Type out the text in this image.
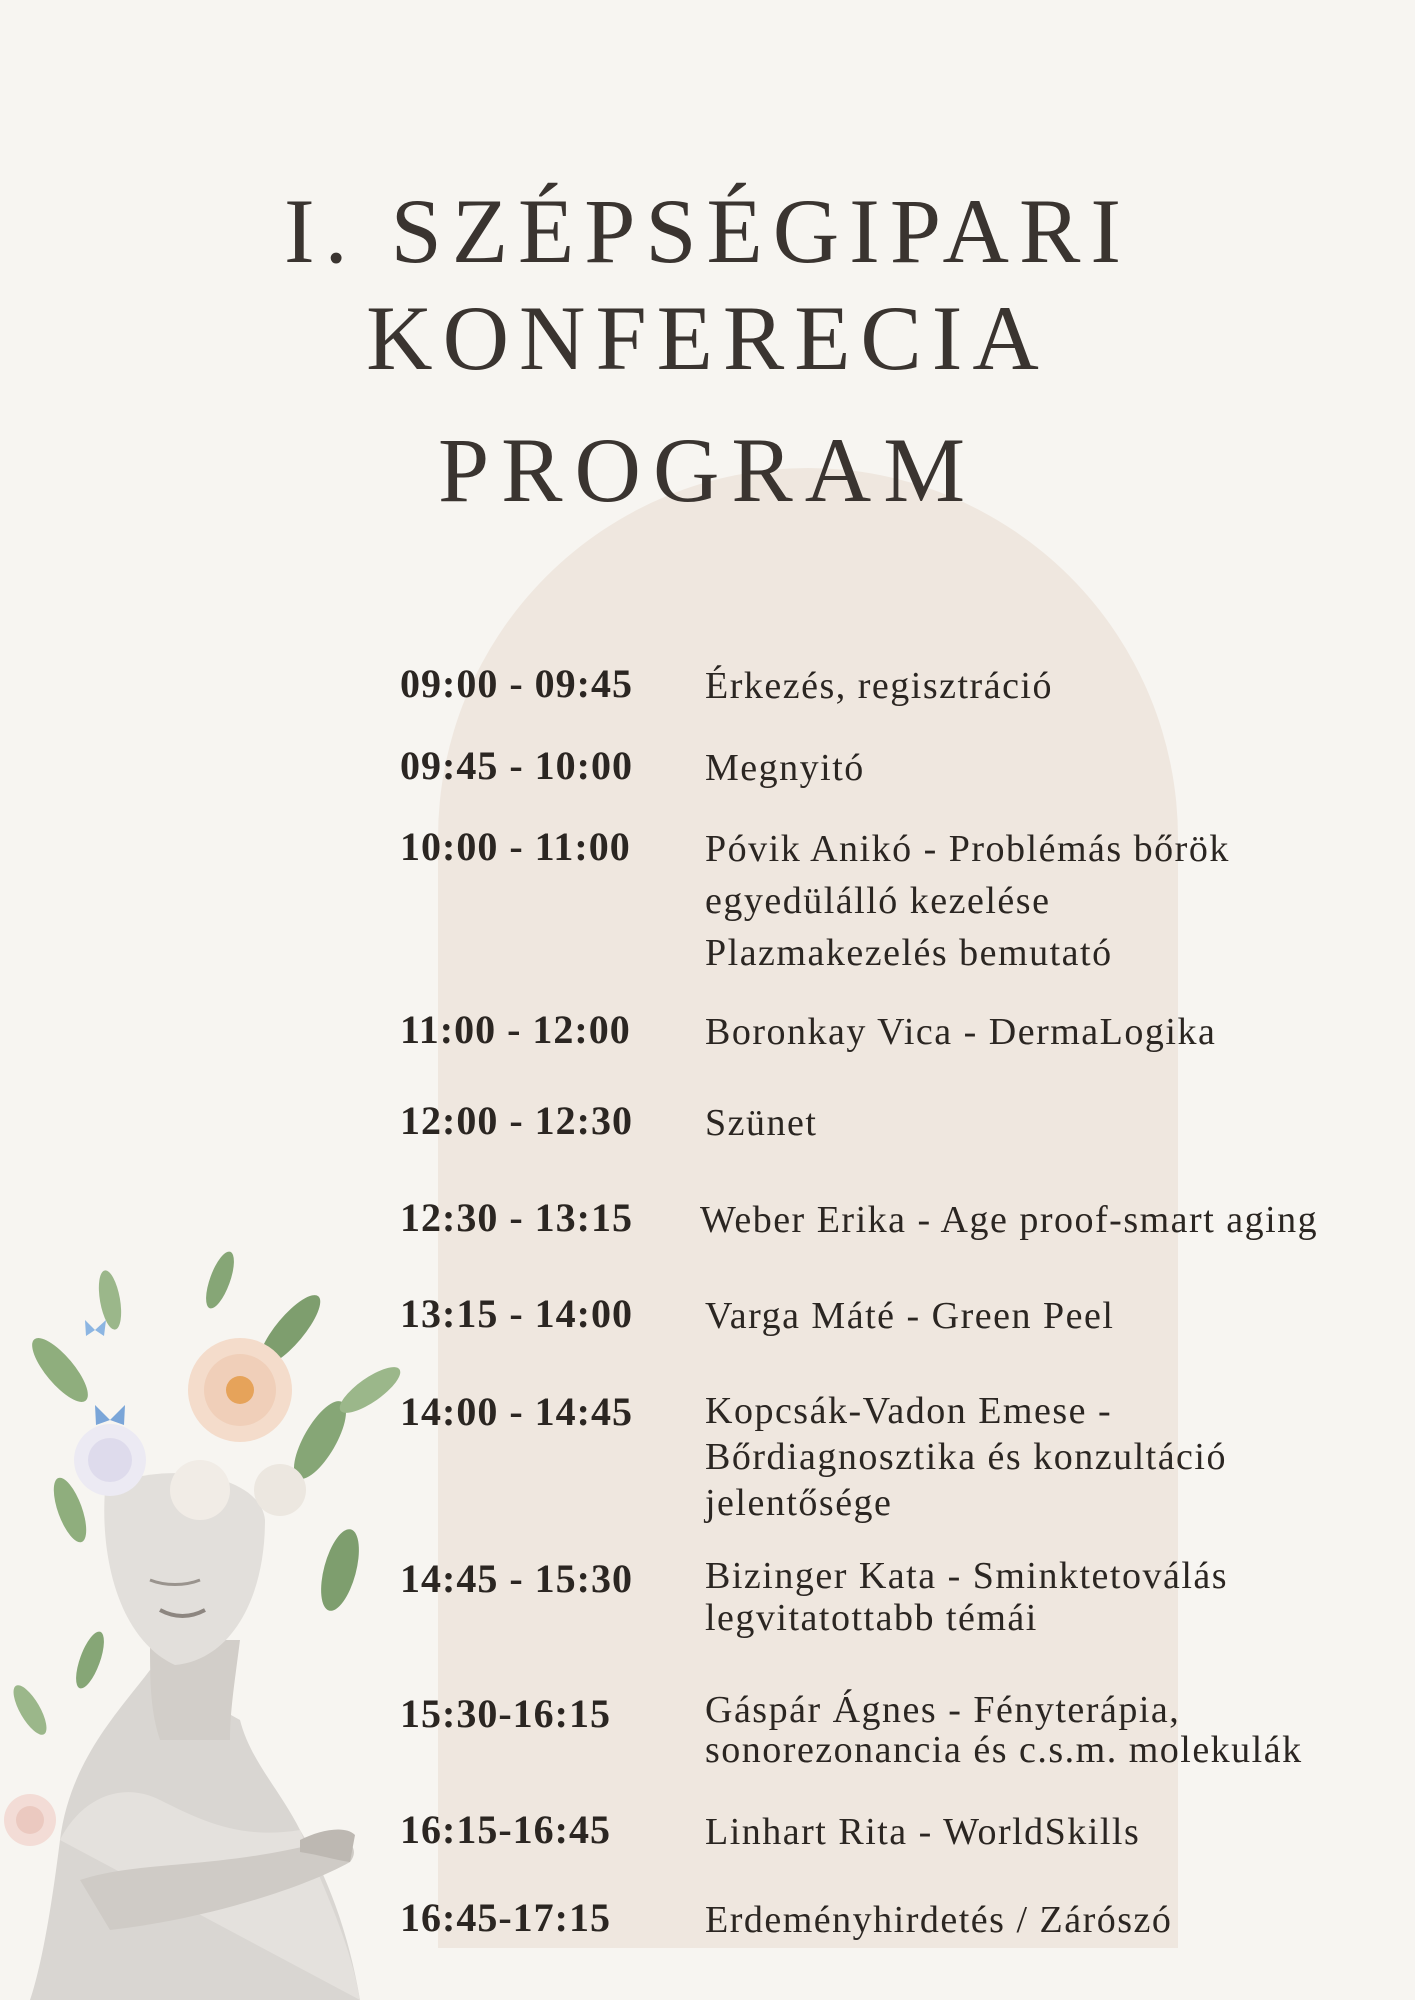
I. SZÉPSÉGIPARI
KONFERECIA
PROGRAM
09:00 - 09:45 Érkezés, regisztráció
09:45 - 10:00 Megnyitó
10:00 - 11:00 Póvik Anikó - Problémás bőrök
egyedülálló kezelése
Plazmakezelés bemutató
11:00 - 12:00 Boronkay Vica - DermaLogika
12:00 - 12:30 Szünet
12:30 - 13:15 Weber Erika - Age proof-smart aging
13:15 - 14:00 Varga Máté - Green Peel
14:00 - 14:45 Kopcsák-Vadon Emese -
Bőrdiagnosztika és konzultáció
jelentősége
14:45 - 15:30 Bizinger Kata - Sminktetoválás
legvitatottabb témái
15:30-16:15 Gáspár Ágnes - Fényterápia,
sonorezonancia és c.s.m. molekulák
16:15-16:45 Linhart Rita - WorldSkills
16:45-17:15 Erdeményhirdetés / Zárószó
